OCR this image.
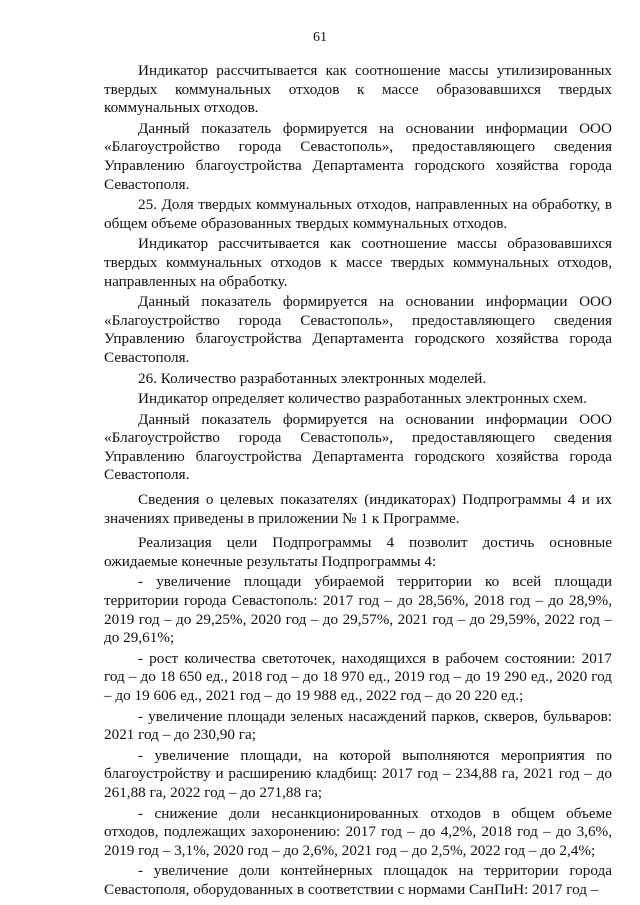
61

Индикатор рассчитывается как соотношение массы утилизированных твердых коммунальных отходов к массе образовавшихся твердых коммунальных отходов.

Данный показатель формируется на основании информации ООО «Благоустройство города Севастополь», предоставляющего сведения Управлению благоустройства Департамента городского хозяйства города Севастополя.

25. Доля твердых коммунальных отходов, направленных на обработку, в общем объеме образованных твердых коммунальных отходов.

Индикатор рассчитывается как соотношение массы образовавшихся твердых коммунальных отходов к массе твердых коммунальных отходов, направленных на обработку.

Данный показатель формируется на основании информации ООО «Благоустройство города Севастополь», предоставляющего сведения Управлению благоустройства Департамента городского хозяйства города Севастополя.

26. Количество разработанных электронных моделей.

Индикатор определяет количество разработанных электронных схем.

Данный показатель формируется на основании информации ООО «Благоустройство города Севастополь», предоставляющего сведения Управлению благоустройства Департамента городского хозяйства города Севастополя.

Сведения о целевых показателях (индикаторах) Подпрограммы 4 и их значениях приведены в приложении № 1 к Программе.

Реализация цели Подпрограммы 4 позволит достичь основные ожидаемые конечные результаты Подпрограммы 4:

- увеличение площади убираемой территории ко всей площади территории города Севастополь: 2017 год – до 28,56%, 2018 год – до 28,9%, 2019 год – до 29,25%, 2020 год – до 29,57%, 2021 год – до 29,59%, 2022 год – до 29,61%;

- рост количества светоточек, находящихся в рабочем состоянии: 2017 год – до 18 650 ед., 2018 год – до 18 970 ед., 2019 год – до 19 290 ед., 2020 год – до 19 606 ед., 2021 год – до 19 988 ед., 2022 год – до 20 220 ед.;

- увеличение площади зеленых насаждений парков, скверов, бульваров: 2021 год – до 230,90 га;

- увеличение площади, на которой выполняются мероприятия по благоустройству и расширению кладбищ: 2017 год – 234,88 га, 2021 год – до 261,88 га, 2022 год – до 271,88 га;

- снижение доли несанкционированных отходов в общем объеме отходов, подлежащих захоронению: 2017 год – до 4,2%, 2018 год – до 3,6%, 2019 год – 3,1%, 2020 год – до 2,6%, 2021 год – до 2,5%, 2022 год – до 2,4%;

- увеличение доли контейнерных площадок на территории города Севастополя, оборудованных в соответствии с нормами СанПиН: 2017 год –
